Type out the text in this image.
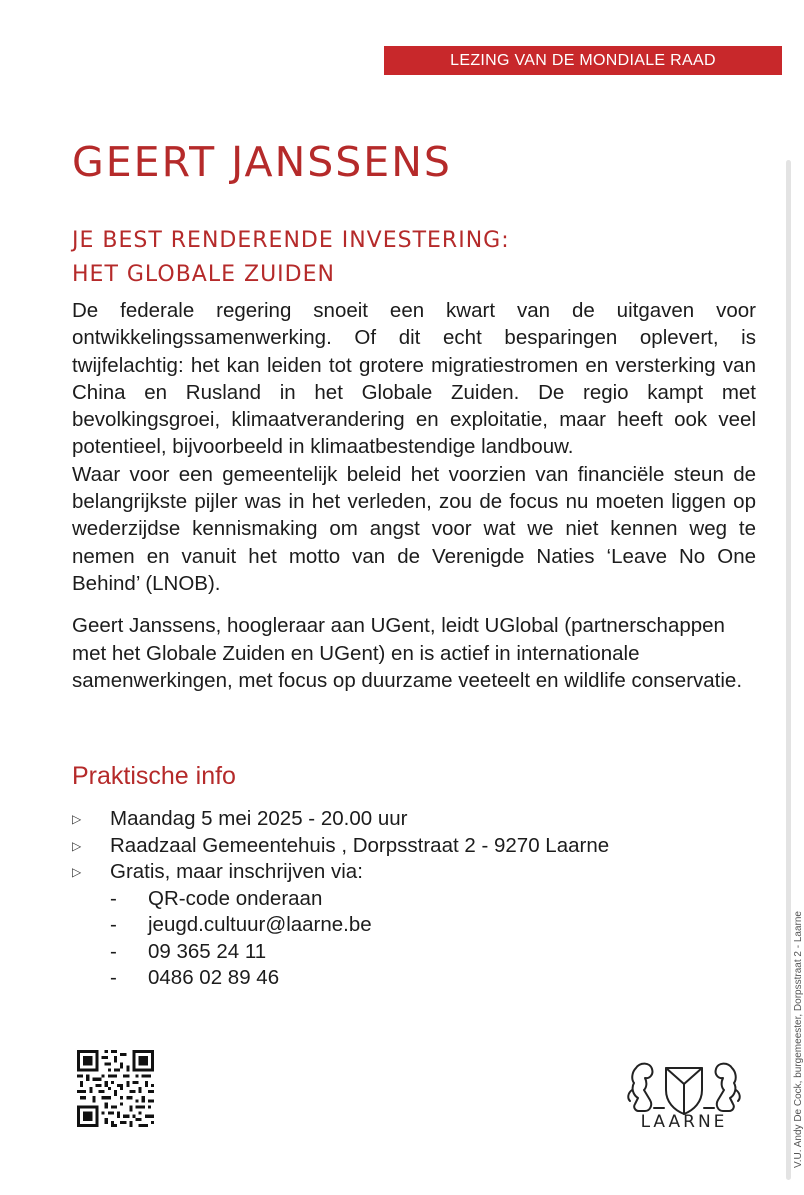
LEZING VAN DE MONDIALE RAAD
GEERT JANSSENS
JE BEST RENDERENDE INVESTERING:
HET GLOBALE ZUIDEN

De federale regering snoeit een kwart van de uitgaven voor ontwikkelingssamenwerking. Of dit echt besparingen oplevert, is twijfelachtig: het kan leiden tot grotere migratiestromen en versterking van China en Rusland in het Globale Zuiden. De regio kampt met bevolkingsgroei, klimaatverandering en exploitatie, maar heeft ook veel potentieel, bijvoorbeeld in klimaatbestendige landbouw.

Waar voor een gemeentelijk beleid het voorzien van financiële steun de belangrijkste pijler was in het verleden, zou de focus nu moeten liggen op wederzijdse kennismaking om angst voor wat we niet kennen weg te nemen en vanuit het motto van de Verenigde Naties ‘Leave No One Behind’ (LNOB).

Geert Janssens, hoogleraar aan UGent, leidt UGlobal (partnerschappen met het Globale Zuiden en UGent) en is actief in internationale samenwerkingen, met focus op duurzame veeteelt en wildlife conservatie.

Praktische info
▷	Maandag 5 mei 2025 - 20.00 uur
▷	Raadzaal Gemeentehuis , Dorpsstraat 2 - 9270 Laarne
▷	Gratis, maar inschrijven via:
-	QR-code onderaan
-	jeugd.cultuur@laarne.be
-	09 365 24 11
-	0486 02 89 46
LAARNE	V.U. Andy De Cock, burgemeester, Dorpsstraat 2 - Laarne
